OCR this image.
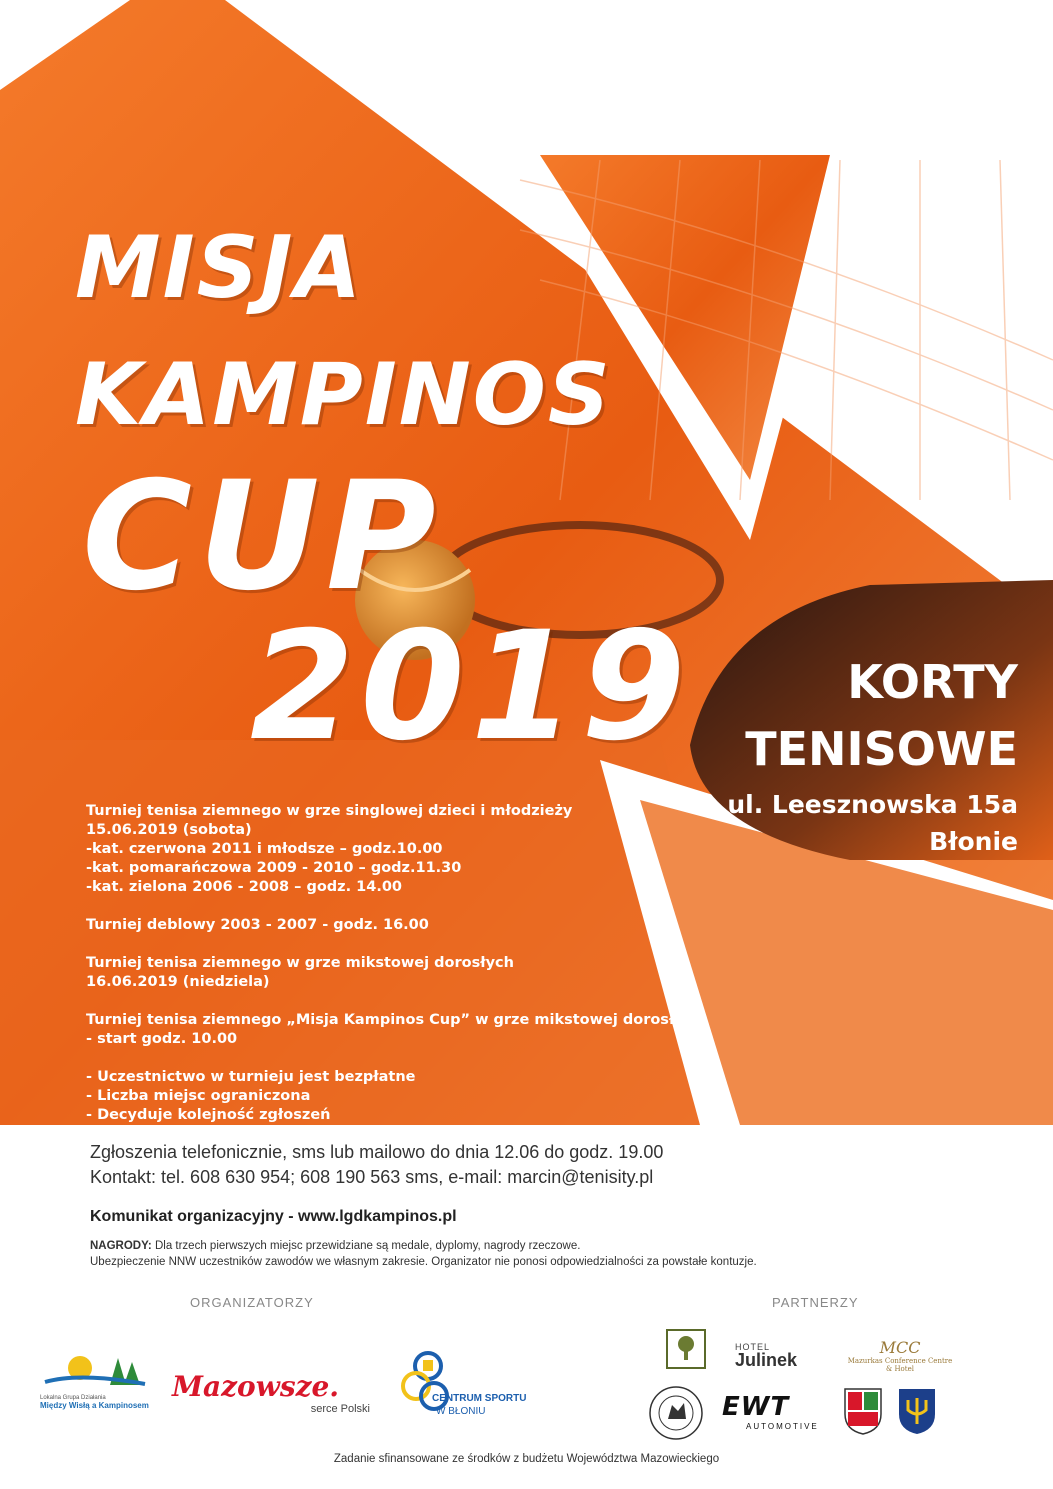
MISJA
KAMPINOS
CUP
2019	KORTY
TENISOWE
ul. Leesznowska 15a
Błonie
Turniej tenisa ziemnego w grze singlowej dzieci i młodzieży
15.06.2019 (sobota)
-kat. czerwona 2011 i młodsze – godz.10.00
-kat. pomarańczowa 2009 - 2010 – godz.11.30
-kat. zielona 2006 - 2008 – godz. 14.00
Turniej deblowy 2003 - 2007 - godz. 16.00
Turniej tenisa ziemnego w grze mikstowej dorosłych
16.06.2019 (niedziela)
Turniej tenisa ziemnego „Misja Kampinos Cup” w grze mikstowej dorosłych
- start godz. 10.00
- Uczestnictwo w turnieju jest bezpłatne
- Liczba miejsc ograniczona
- Decyduje kolejność zgłoszeń
- System rozgrywek uzależniony od ilości zgłoszeń
Zgłoszenia telefonicznie, sms lub mailowo do dnia 12.06 do godz. 19.00
Kontakt: tel. 608 630 954; 608 190 563 sms, e-mail: marcin@tenisity.pl
Komunikat organizacyjny - www.lgdkampinos.pl
NAGRODY: Dla trzech pierwszych miejsc przewidziane są medale, dyplomy, nagrody rzeczowe.
Ubezpieczenie NNW uczestników zawodów we własnym zakresie. Organizator nie ponosi odpowiedzialności za powstałe kontuzje.
ORGANIZATORZY	PARTNERZY
Lokalna Grupa Działania
Między Wisłą a Kampinosem
Mazowsze.
serce Polski
CENTRUM SPORTU
W BŁONIU
HOTEL
Julinek
MCC
Mazurkas Conference Centre & Hotel
EWT
AUTOMOTIVE
Zadanie sfinansowane ze środków z budżetu Województwa Mazowieckiego
